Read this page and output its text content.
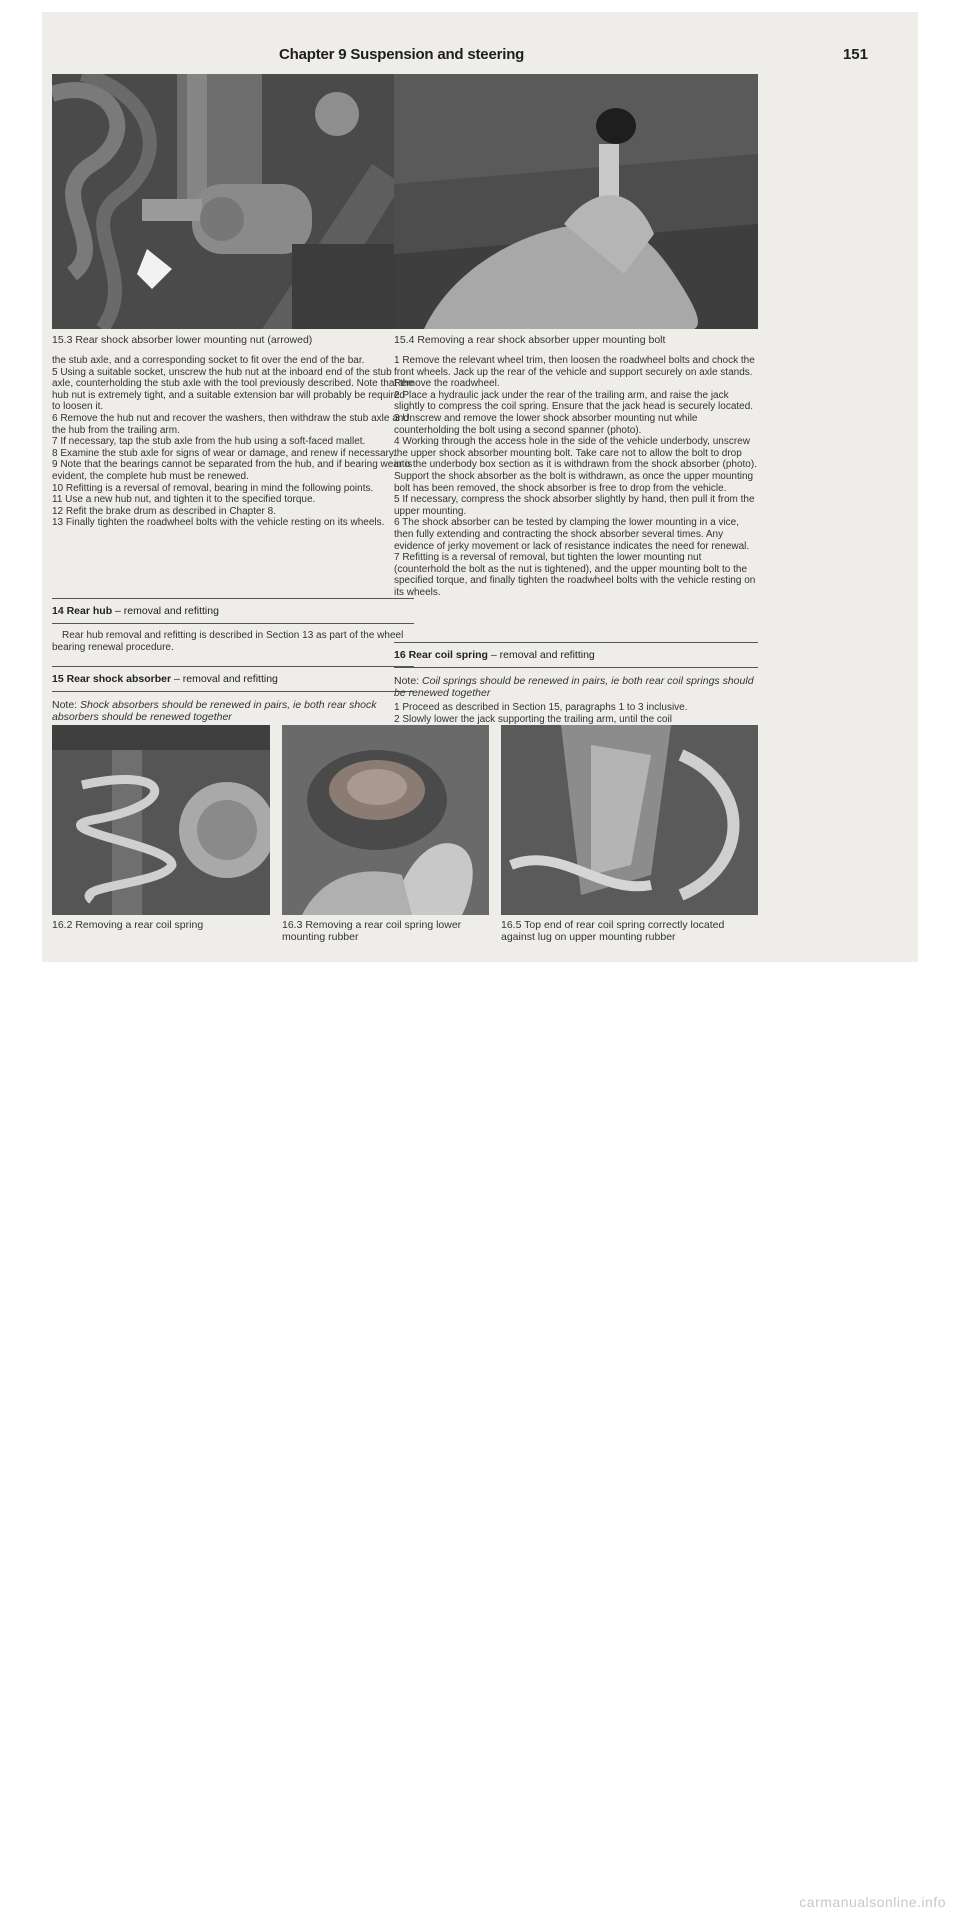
Chapter 9 Suspension and steering	151
15.3 Rear shock absorber lower mounting nut (arrowed)	15.4 Removing a rear shock absorber upper mounting bolt

the stub axle, and a corresponding socket to fit over the end of the bar.

5 Using a suitable socket, unscrew the hub nut at the inboard end of the stub axle, counterholding the stub axle with the tool previously described. Note that the hub nut is extremely tight, and a suitable extension bar will probably be required to loosen it.

6 Remove the hub nut and recover the washers, then withdraw the stub axle and the hub from the trailing arm.

7 If necessary, tap the stub axle from the hub using a soft-faced mallet.

8 Examine the stub axle for signs of wear or damage, and renew if necessary.

9 Note that the bearings cannot be separated from the hub, and if bearing wear is evident, the complete hub must be renewed.

10 Refitting is a reversal of removal, bearing in mind the following points.

11 Use a new hub nut, and tighten it to the specified torque.

12 Refit the brake drum as described in Chapter 8.

13 Finally tighten the roadwheel bolts with the vehicle resting on its wheels.

14 Rear hub – removal and refitting

Rear hub removal and refitting is described in Section 13 as part of the wheel bearing renewal procedure.

15 Rear shock absorber – removal and refitting
Note: Shock absorbers should be renewed in pairs, ie both rear shock absorbers should be renewed together

1 Remove the relevant wheel trim, then loosen the roadwheel bolts and chock the front wheels. Jack up the rear of the vehicle and support securely on axle stands. Remove the roadwheel.

2 Place a hydraulic jack under the rear of the trailing arm, and raise the jack slightly to compress the coil spring. Ensure that the jack head is securely located.

3 Unscrew and remove the lower shock absorber mounting nut while counterholding the bolt using a second spanner (photo).

4 Working through the access hole in the side of the vehicle underbody, unscrew the upper shock absorber mounting bolt. Take care not to allow the bolt to drop into the underbody box section as it is withdrawn from the shock absorber (photo). Support the shock absorber as the bolt is withdrawn, as once the upper mounting bolt has been removed, the shock absorber is free to drop from the vehicle.

5 If necessary, compress the shock absorber slightly by hand, then pull it from the upper mounting.

6 The shock absorber can be tested by clamping the lower mounting in a vice, then fully extending and contracting the shock absorber several times. Any evidence of jerky movement or lack of resistance indicates the need for renewal.

7 Refitting is a reversal of removal, but tighten the lower mounting nut (counterhold the bolt as the nut is tightened), and the upper mounting bolt to the specified torque, and finally tighten the roadwheel bolts with the vehicle resting on its wheels.

16 Rear coil spring – removal and refitting
Note: Coil springs should be renewed in pairs, ie both rear coil springs should be renewed together

1 Proceed as described in Section 15, paragraphs 1 to 3 inclusive.

2 Slowly lower the jack supporting the trailing arm, until the coil

16.2 Removing a rear coil spring	16.3 Removing a rear coil spring lower mounting rubber
16.5 Top end of rear coil spring correctly located against lug on upper mounting rubber
carmanualsonline.info
